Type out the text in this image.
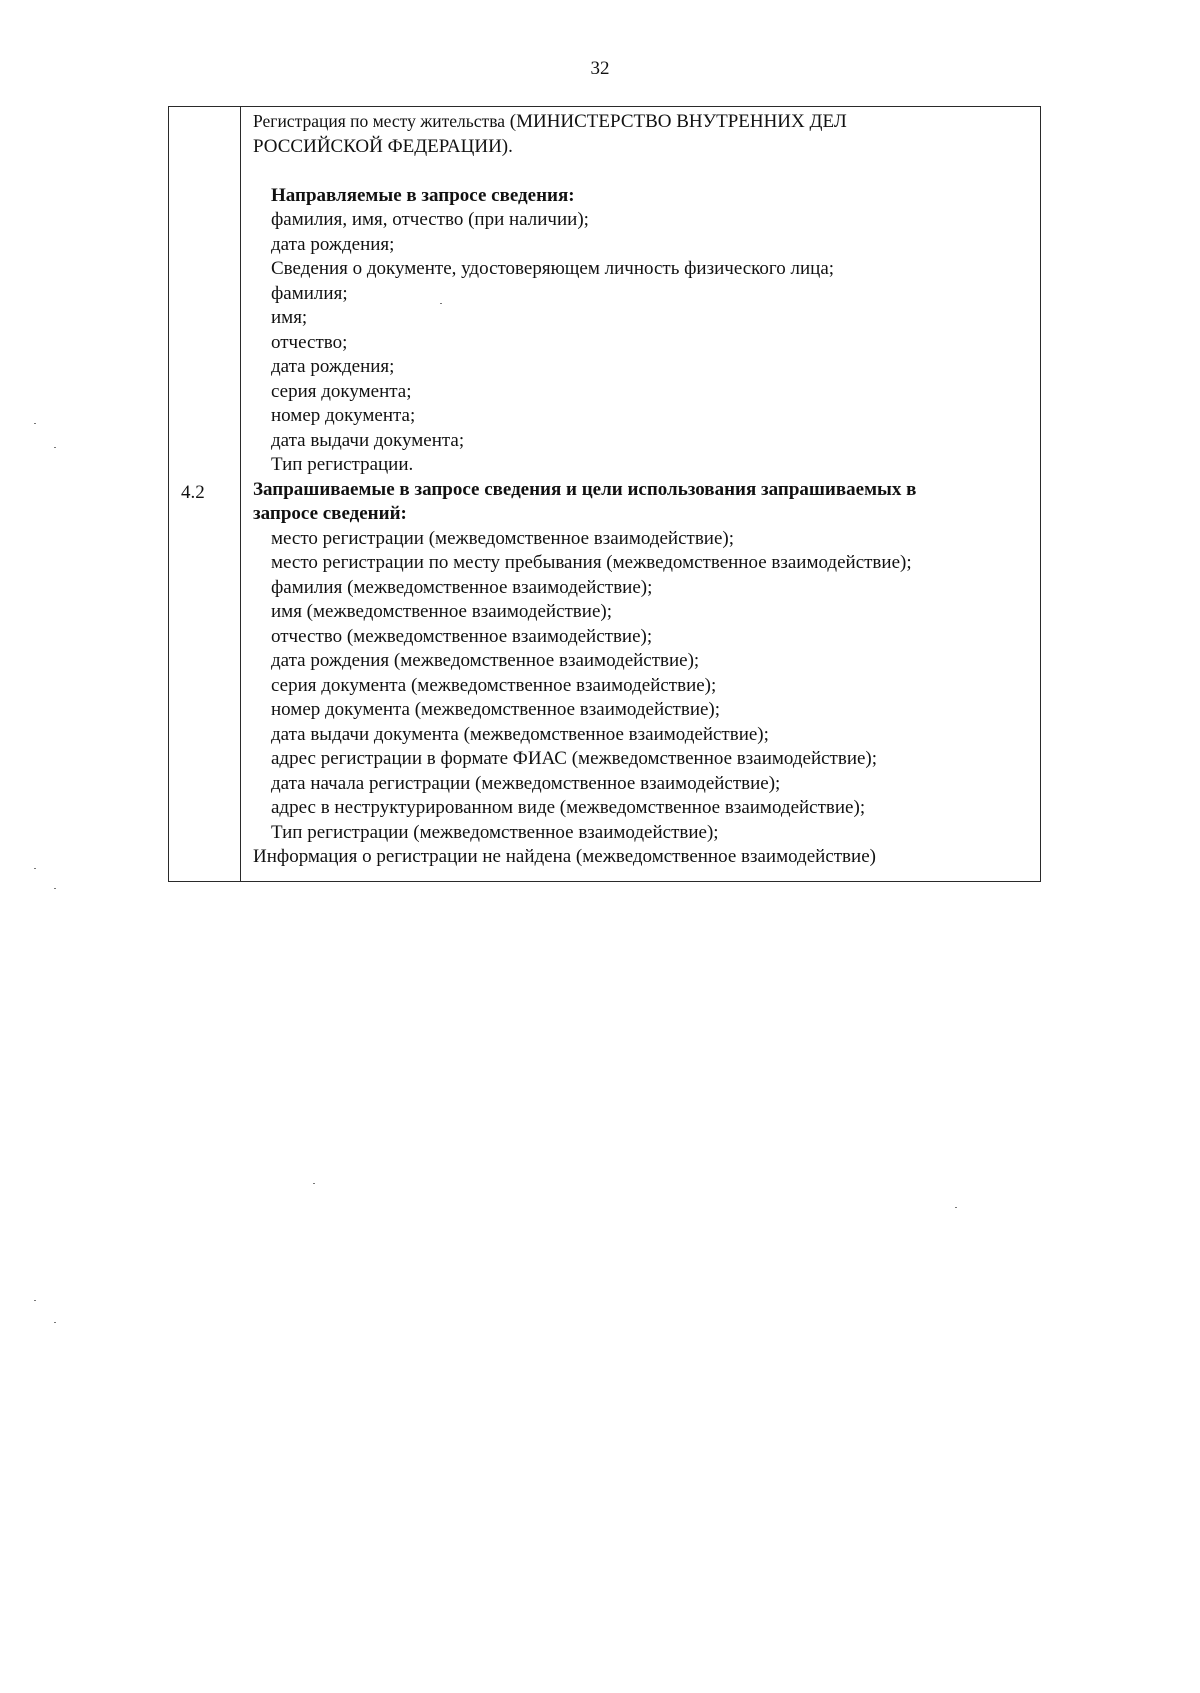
32
4.2
Регистрация по месту жительства (МИНИСТЕРСТВО ВНУТРЕННИХ ДЕЛ
РОССИЙСКОЙ ФЕДЕРАЦИИ).
Направляемые в запросе сведения:
фамилия, имя, отчество (при наличии);
дата рождения;
Сведения о документе, удостоверяющем личность физического лица;
фамилия;
имя;
отчество;
дата рождения;
серия документа;
номер документа;
дата выдачи документа;
Тип регистрации.
Запрашиваемые в запросе сведения и цели использования запрашиваемых в
запросе сведений:
место регистрации (межведомственное взаимодействие);
место регистрации по месту пребывания (межведомственное взаимодействие);
фамилия (межведомственное взаимодействие);
имя (межведомственное взаимодействие);
отчество (межведомственное взаимодействие);
дата рождения (межведомственное взаимодействие);
серия документа (межведомственное взаимодействие);
номер документа (межведомственное взаимодействие);
дата выдачи документа (межведомственное взаимодействие);
адрес регистрации в формате ФИАС (межведомственное взаимодействие);
дата начала регистрации (межведомственное взаимодействие);
адрес в неструктурированном виде (межведомственное взаимодействие);
Тип регистрации (межведомственное взаимодействие);
Информация о регистрации не найдена (межведомственное взаимодействие)
